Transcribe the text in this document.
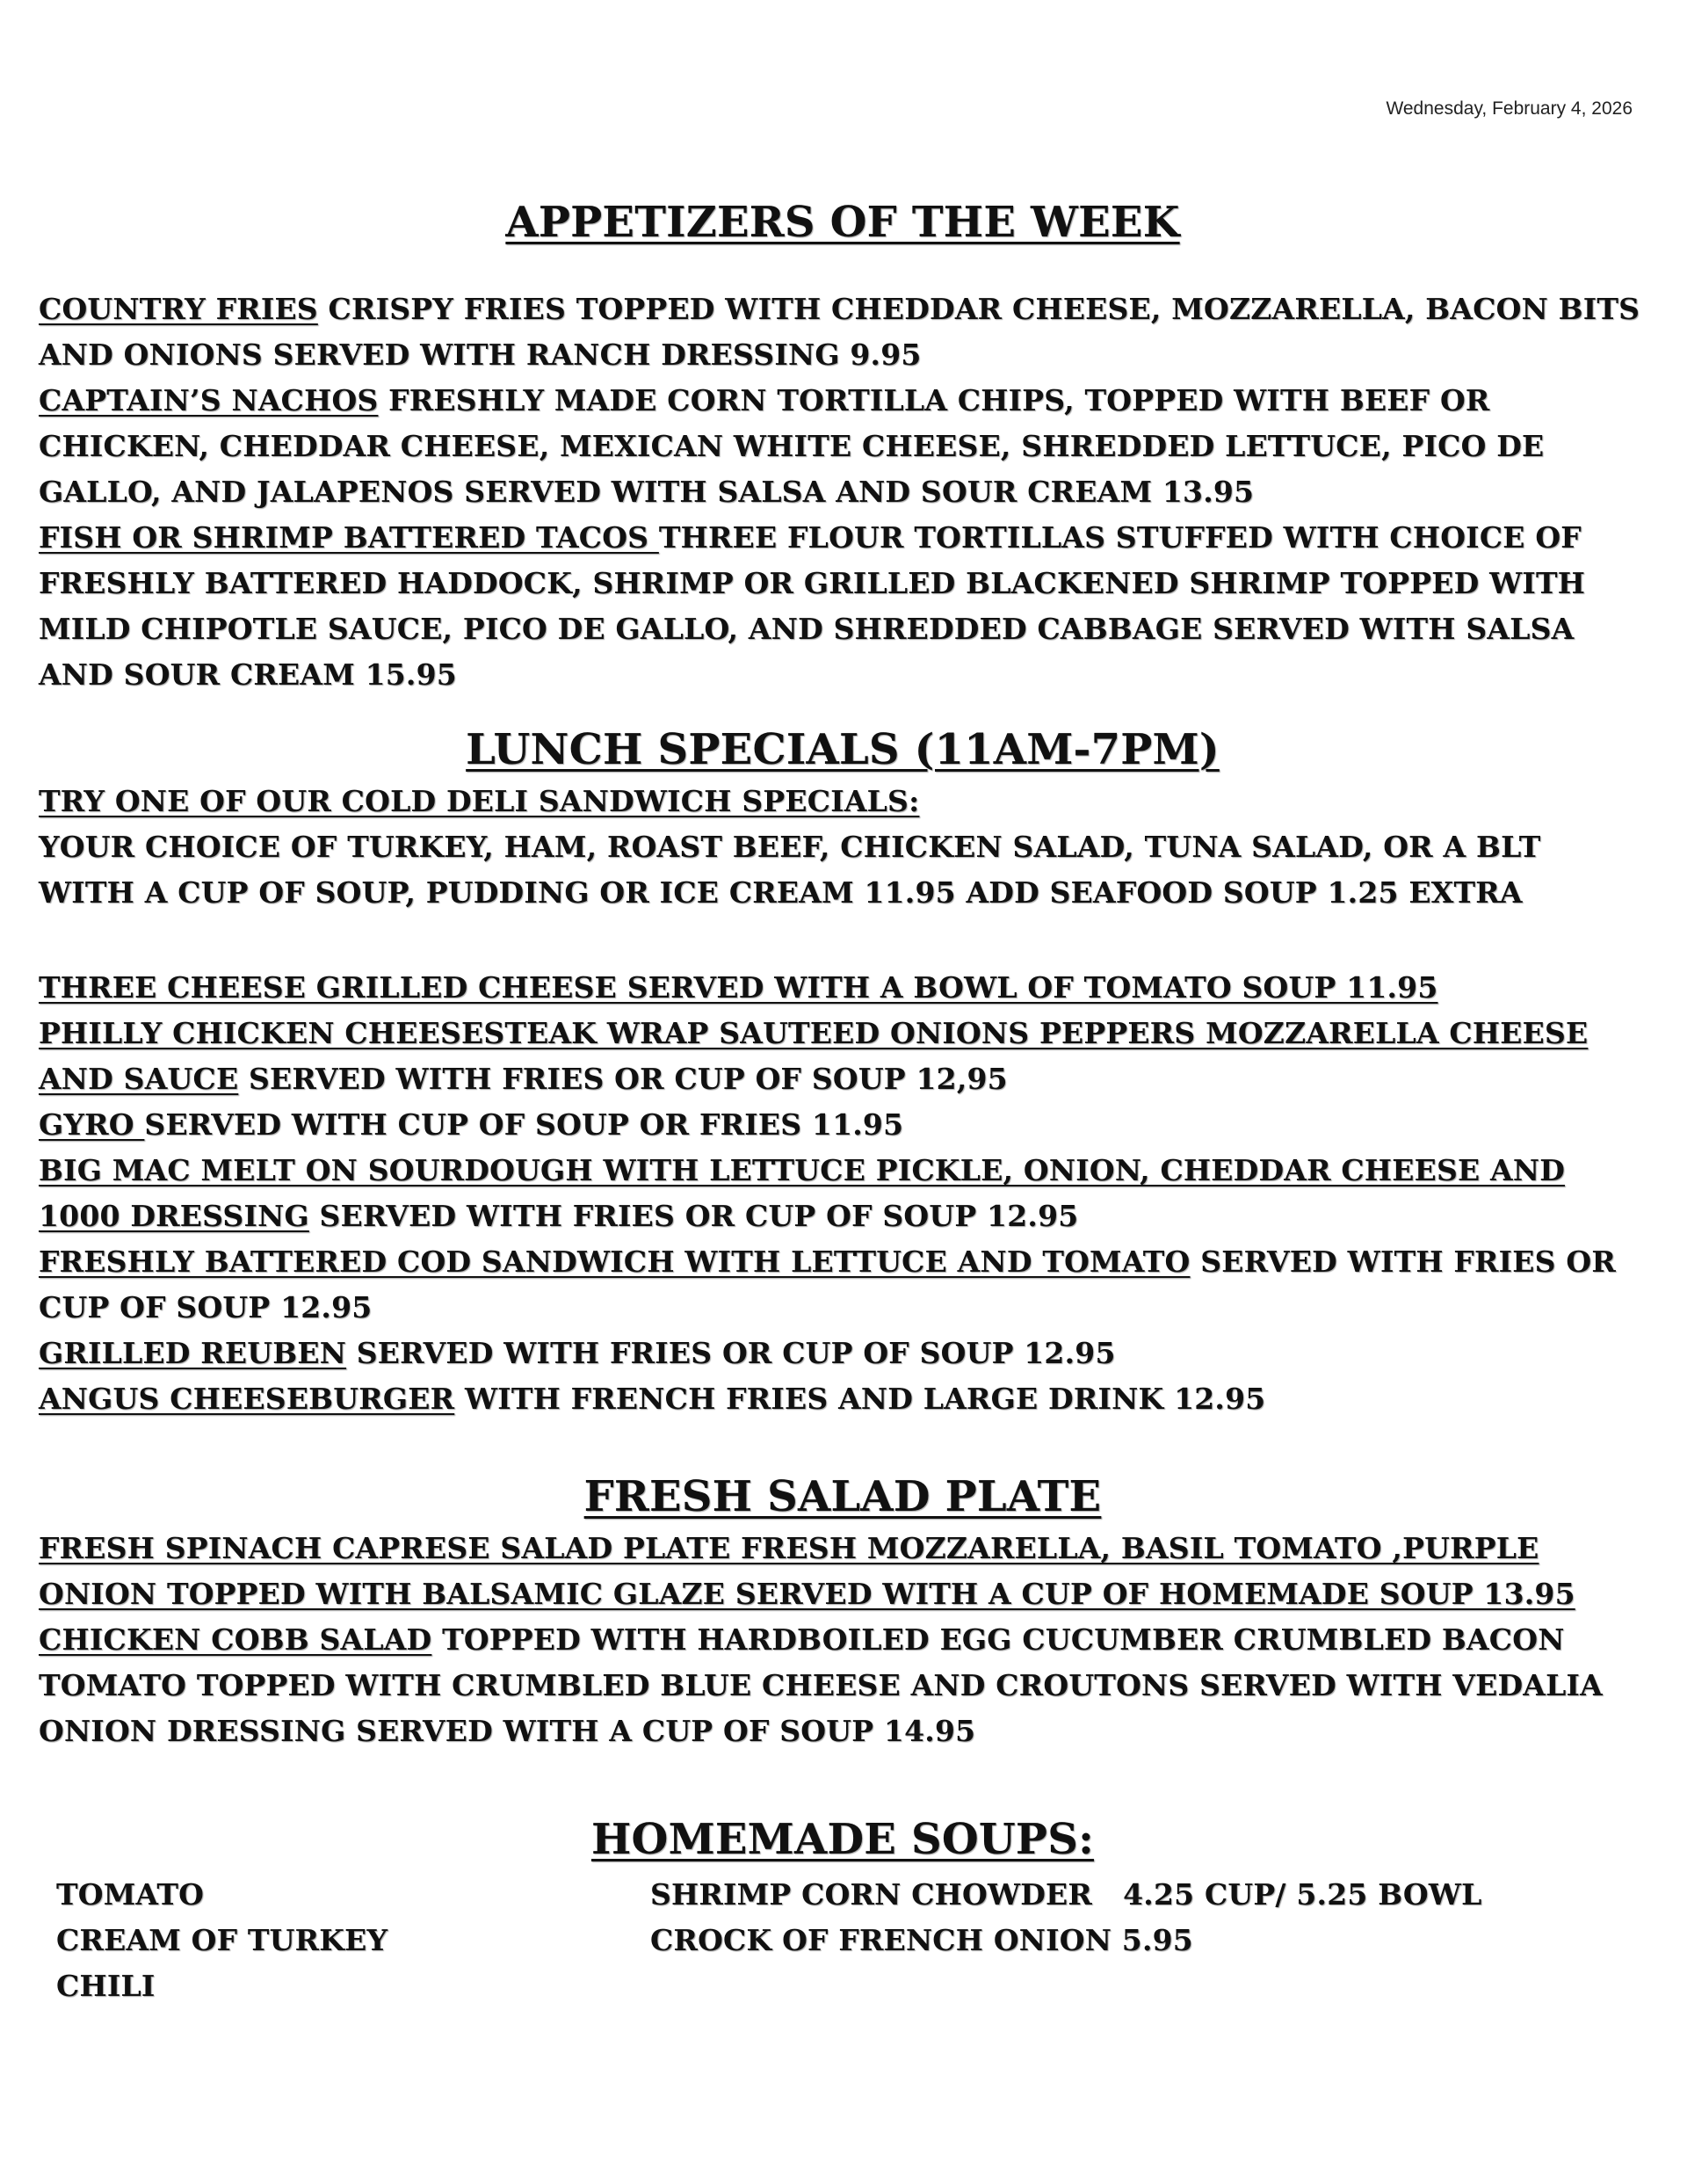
Wednesday, February 4, 2026
APPETIZERS OF THE WEEK

COUNTRY FRIES CRISPY FRIES TOPPED WITH CHEDDAR CHEESE, MOZZARELLA, BACON BITS AND ONIONS SERVED WITH RANCH DRESSING 9.95

CAPTAIN’S NACHOS FRESHLY MADE CORN TORTILLA CHIPS, TOPPED WITH BEEF OR CHICKEN, CHEDDAR CHEESE, MEXICAN WHITE CHEESE, SHREDDED LETTUCE, PICO DE GALLO, AND JALAPENOS SERVED WITH SALSA AND SOUR CREAM 13.95

FISH OR SHRIMP BATTERED TACOS THREE FLOUR TORTILLAS STUFFED WITH CHOICE OF FRESHLY BATTERED HADDOCK, SHRIMP OR GRILLED BLACKENED SHRIMP TOPPED WITH MILD CHIPOTLE SAUCE, PICO DE GALLO, AND SHREDDED CABBAGE SERVED WITH SALSA AND SOUR CREAM 15.95

LUNCH SPECIALS (11AM-7PM)

TRY ONE OF OUR COLD DELI SANDWICH SPECIALS:

YOUR CHOICE OF TURKEY, HAM, ROAST BEEF, CHICKEN SALAD, TUNA SALAD, OR A BLT WITH A CUP OF SOUP, PUDDING OR ICE CREAM 11.95 ADD SEAFOOD SOUP 1.25 EXTRA

THREE CHEESE GRILLED CHEESE SERVED WITH A BOWL OF TOMATO SOUP 11.95

PHILLY CHICKEN CHEESESTEAK WRAP SAUTEED ONIONS PEPPERS MOZZARELLA CHEESE AND SAUCE SERVED WITH FRIES OR CUP OF SOUP 12,95

GYRO SERVED WITH CUP OF SOUP OR FRIES 11.95

BIG MAC MELT ON SOURDOUGH WITH LETTUCE PICKLE, ONION, CHEDDAR CHEESE AND 1000 DRESSING SERVED WITH FRIES OR CUP OF SOUP 12.95

FRESHLY BATTERED COD SANDWICH WITH LETTUCE AND TOMATO SERVED WITH FRIES OR CUP OF SOUP 12.95

GRILLED REUBEN SERVED WITH FRIES OR CUP OF SOUP 12.95

ANGUS CHEESEBURGER WITH FRENCH FRIES AND LARGE DRINK 12.95

FRESH SALAD PLATE

FRESH SPINACH CAPRESE SALAD PLATE FRESH MOZZARELLA, BASIL TOMATO ,PURPLE ONION TOPPED WITH BALSAMIC GLAZE SERVED WITH A CUP OF HOMEMADE SOUP 13.95

CHICKEN COBB SALAD TOPPED WITH HARDBOILED EGG CUCUMBER CRUMBLED BACON TOMATO TOPPED WITH CRUMBLED BLUE CHEESE AND CROUTONS SERVED WITH VEDALIA ONION DRESSING SERVED WITH A CUP OF SOUP 14.95

HOMEMADE SOUPS:

TOMATO

CREAM OF TURKEY

CHILI

SHRIMP CORN CHOWDER   4.25 CUP/ 5.25 BOWL

CROCK OF FRENCH ONION 5.95
